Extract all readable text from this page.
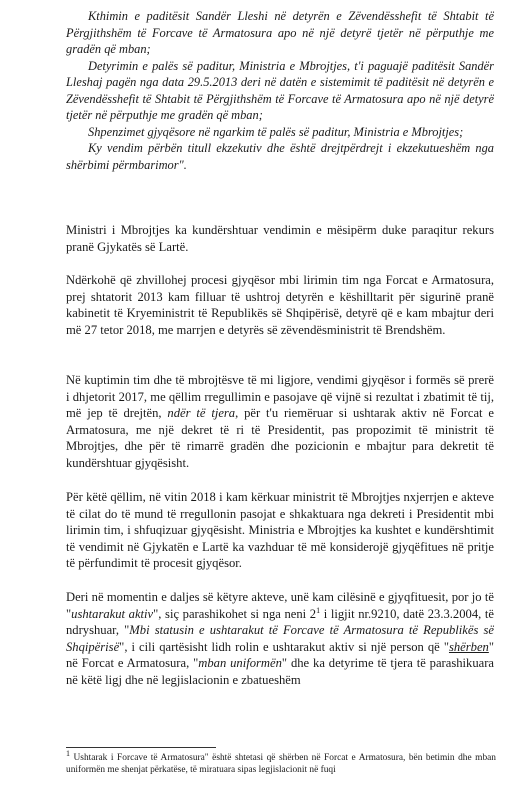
Kthimin e paditësit Sandër Lleshi në detyrën e Zëvendësshefit të Shtabit të Përgjithshëm të Forcave të Armatosura apo në një detyrë tjetër në përputhje me gradën që mban;

Detyrimin e palës së paditur, Ministria e Mbrojtjes, t'i paguajë paditësit Sandër Lleshaj pagën nga data 29.5.2013 deri në datën e sistemimit të paditësit në detyrën e Zëvendësshefit të Shtabit të Përgjithshëm të Forcave të Armatosura apo në një detyrë tjetër në përputhje me gradën që mban;

Shpenzimet gjyqësore në ngarkim të palës së paditur, Ministria e Mbrojtjes;

Ky vendim përbën titull ekzekutiv dhe është drejtpërdrejt i ekzekutueshëm nga shërbimi përmbarimor".

Ministri i Mbrojtjes ka kundërshtuar vendimin e mësipërm duke paraqitur rekurs pranë Gjykatës së Lartë.

Ndërkohë që zhvillohej procesi gjyqësor mbi lirimin tim nga Forcat e Armatosura, prej shtatorit 2013 kam filluar të ushtroj detyrën e këshilltarit për sigurinë pranë kabinetit të Kryeministrit të Republikës së Shqipërisë, detyrë që e kam mbajtur deri më 27 tetor 2018, me marrjen e detyrës së zëvendësministrit të Brendshëm.

Në kuptimin tim dhe të mbrojtësve të mi ligjore, vendimi gjyqësor i formës së prerë i dhjetorit 2017, me qëllim rregullimin e pasojave që vijnë si rezultat i zbatimit të tij, më jep të drejtën, ndër të tjera, për t'u riemëruar si ushtarak aktiv në Forcat e Armatosura, me një dekret të ri të Presidentit, pas propozimit të ministrit të Mbrojtjes, dhe për të rimarrë gradën dhe pozicionin e mbajtur para dekretit të kundërshtuar gjyqësisht.

Për këtë qëllim, në vitin 2018 i kam kërkuar ministrit të Mbrojtjes nxjerrjen e akteve të cilat do të mund të rregullonin pasojat e shkaktuara nga dekreti i Presidentit mbi lirimin tim, i shfuqizuar gjyqësisht. Ministria e Mbrojtjes ka kushtet e kundërshtimit të vendimit në Gjykatën e Lartë ka vazhduar të më konsiderojë gjyqëfitues në pritje të përfundimit të procesit gjyqësor.

Deri në momentin e daljes së këtyre akteve, unë kam cilësinë e gjyqfituesit, por jo të "ushtarakut aktiv", siç parashikohet si nga neni $2^1$ i ligjit nr.9210, datë 23.3.2004, të ndryshuar, "Mbi statusin e ushtarakut të Forcave të Armatosura të Republikës së Shqipërisë", i cili qartësisht lidh rolin e ushtarakut aktiv si një person që "shërben" në Forcat e Armatosura, "mban uniformën" dhe ka detyrime të tjera të parashikuara në këtë ligj dhe në legjislacionin e zbatueshëm

$^1$ Ushtarak i Forcave të Armatosura" është shtetasi që shërben në Forcat e Armatosura, bën betimin dhe mban uniformën me shenjat përkatëse, të miratuara sipas legjislacionit në fuqi
